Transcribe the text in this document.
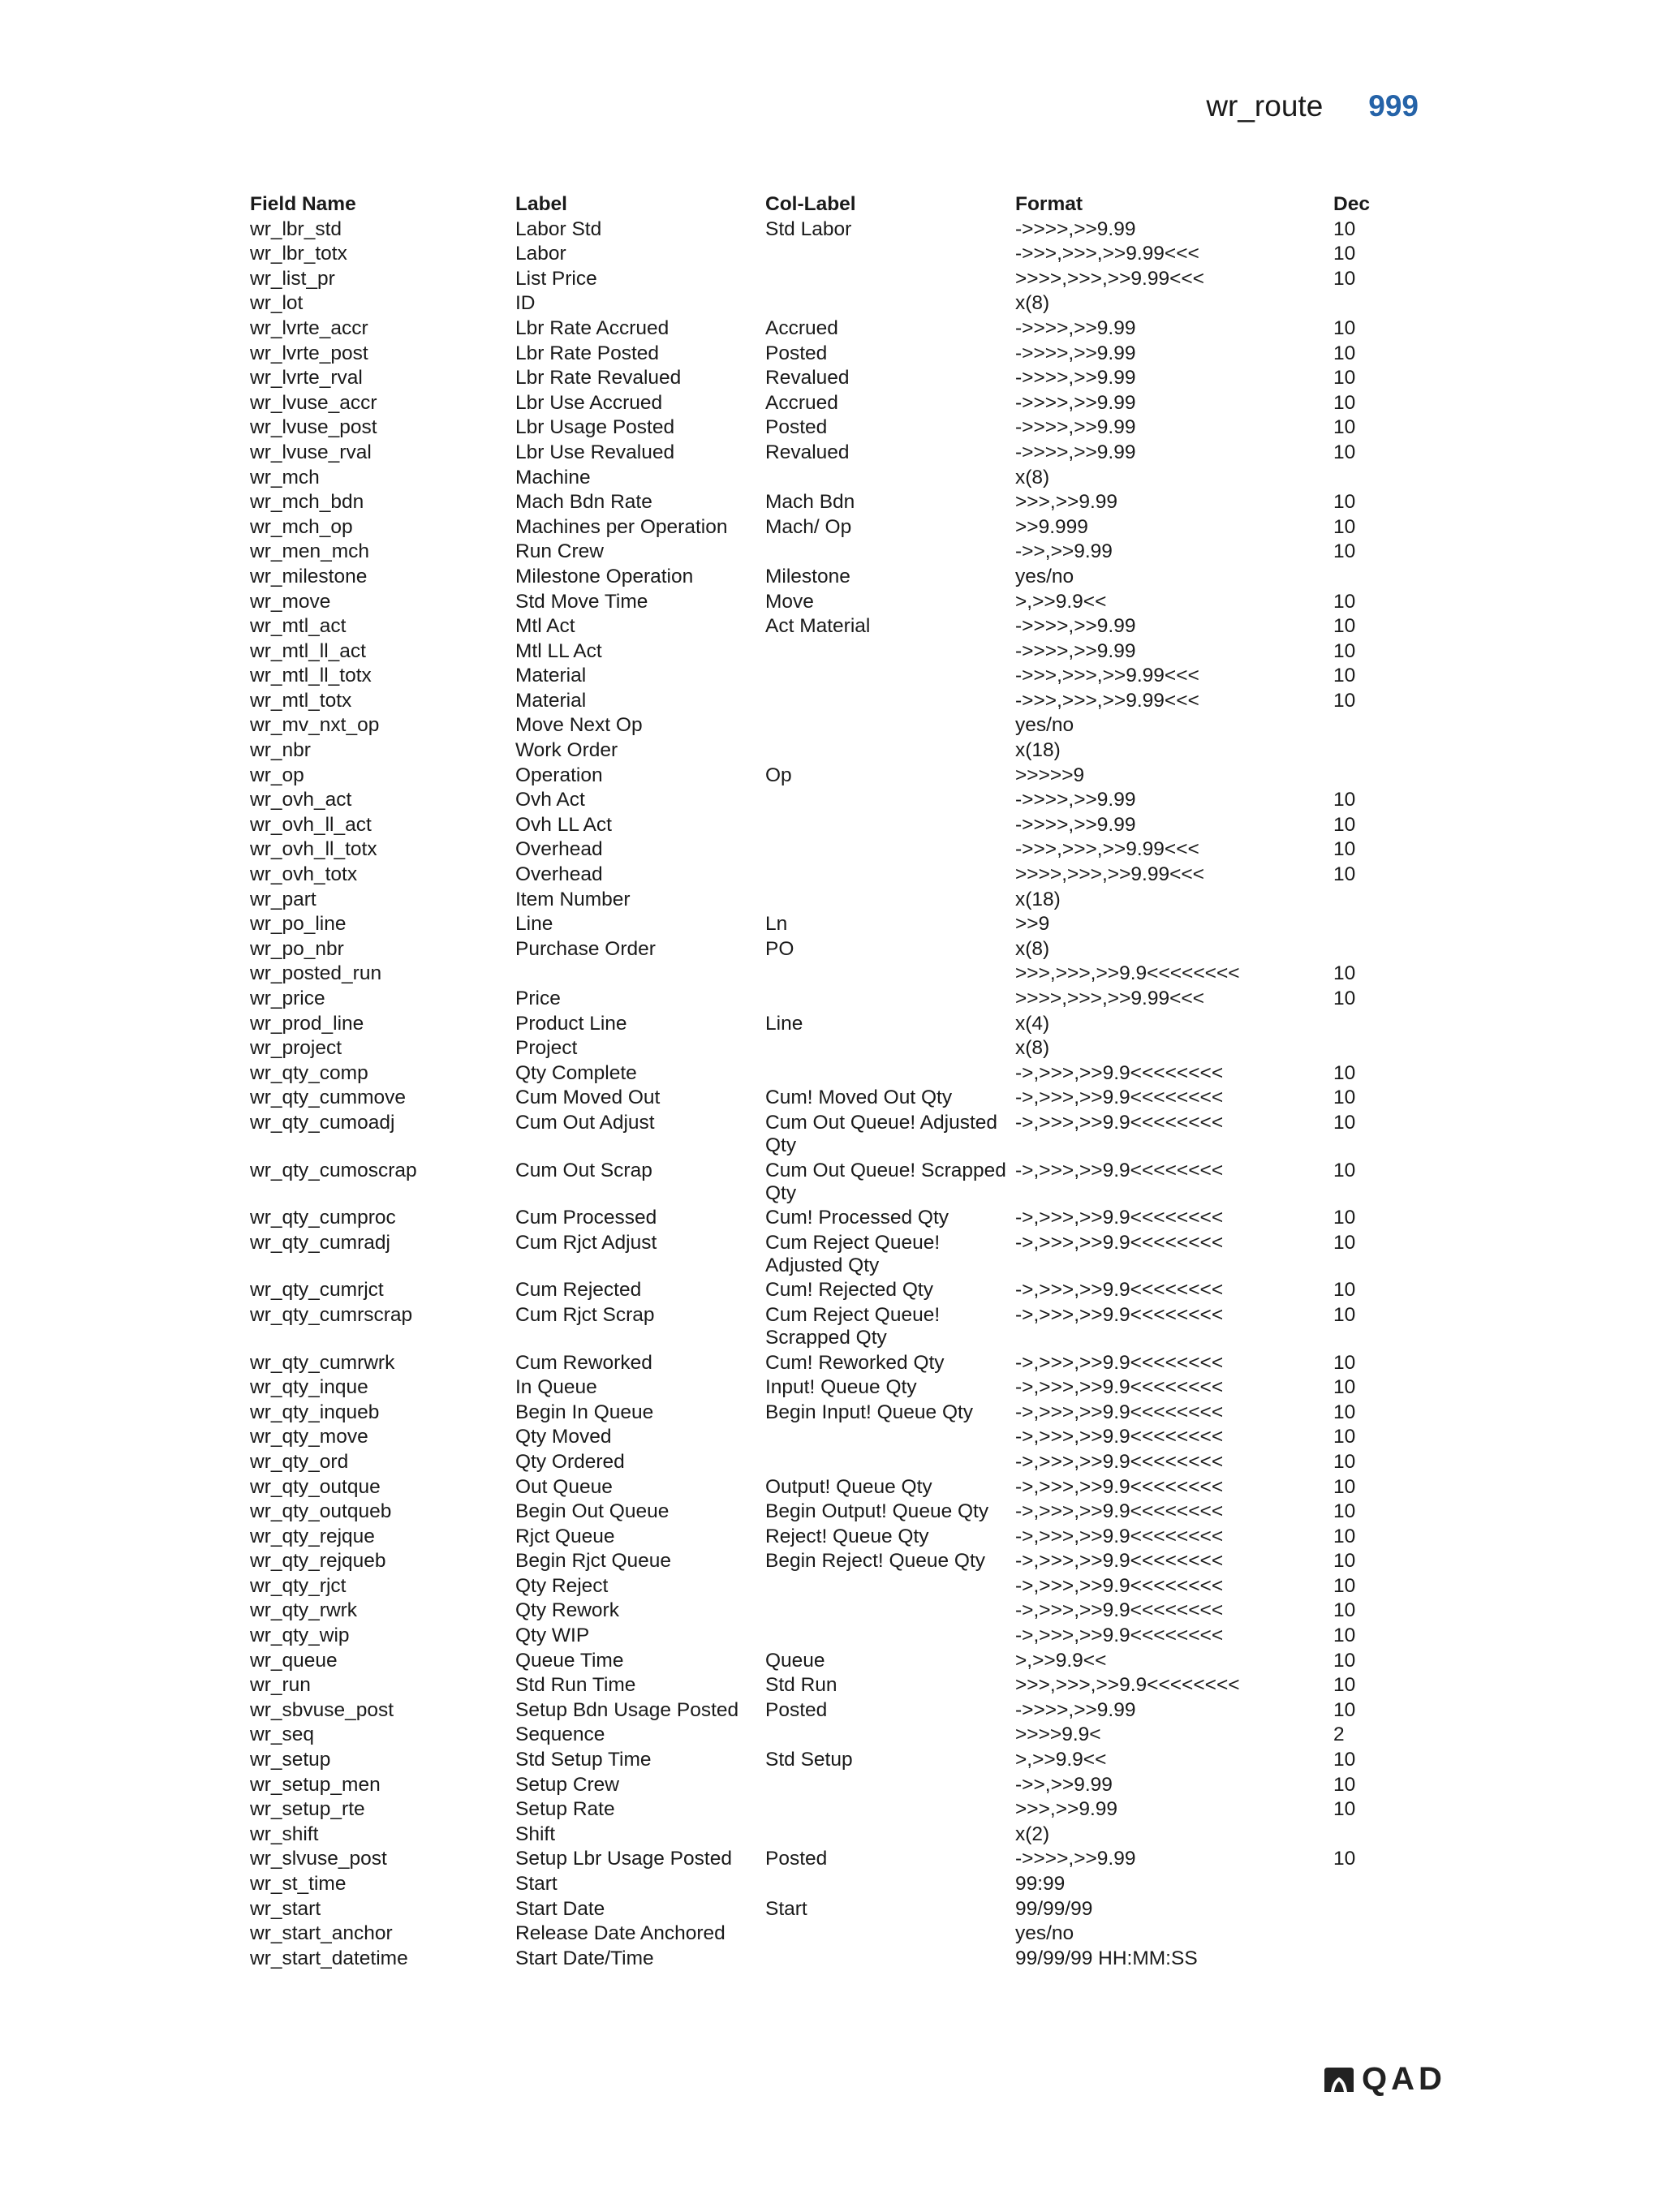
wr_route 999
Field Name	Label	Col-Label	Format	Dec
wr_lbr_std	Labor Std	Std Labor	->>>>,>>9.99	10
wr_lbr_totx	Labor	->>>,>>>,>>9.99<<<	10
wr_list_pr	List Price	>>>>,>>>,>>9.99<<<	10
wr_lot	ID	x(8)
wr_lvrte_accr	Lbr Rate Accrued	Accrued	->>>>,>>9.99	10
wr_lvrte_post	Lbr Rate Posted	Posted	->>>>,>>9.99	10
wr_lvrte_rval	Lbr Rate Revalued	Revalued	->>>>,>>9.99	10
wr_lvuse_accr	Lbr Use Accrued	Accrued	->>>>,>>9.99	10
wr_lvuse_post	Lbr Usage Posted	Posted	->>>>,>>9.99	10
wr_lvuse_rval	Lbr Use Revalued	Revalued	->>>>,>>9.99	10
wr_mch	Machine	x(8)
wr_mch_bdn	Mach Bdn Rate	Mach Bdn	>>>,>>9.99	10
wr_mch_op	Machines per Operation	Mach/ Op	>>9.999	10
wr_men_mch	Run Crew	->>,>>9.99	10
wr_milestone	Milestone Operation	Milestone	yes/no
wr_move	Std Move Time	Move	>,>>9.9<<	10
wr_mtl_act	Mtl Act	Act Material	->>>>,>>9.99	10
wr_mtl_ll_act	Mtl LL Act	->>>>,>>9.99	10
wr_mtl_ll_totx	Material	->>>,>>>,>>9.99<<<	10
wr_mtl_totx	Material	->>>,>>>,>>9.99<<<	10
wr_mv_nxt_op	Move Next Op	yes/no
wr_nbr	Work Order	x(18)
wr_op	Operation	Op	>>>>>9
wr_ovh_act	Ovh Act	->>>>,>>9.99	10
wr_ovh_ll_act	Ovh LL Act	->>>>,>>9.99	10
wr_ovh_ll_totx	Overhead	->>>,>>>,>>9.99<<<	10
wr_ovh_totx	Overhead	>>>>,>>>,>>9.99<<<	10
wr_part	Item Number	x(18)
wr_po_line	Line	Ln	>>9
wr_po_nbr	Purchase Order	PO	x(8)
wr_posted_run	>>>,>>>,>>9.9<<<<<<<<	10
wr_price	Price	>>>>,>>>,>>9.99<<<	10
wr_prod_line	Product Line	Line	x(4)
wr_project	Project	x(8)
wr_qty_comp	Qty Complete	->,>>>,>>9.9<<<<<<<<	10
wr_qty_cummove	Cum Moved Out	Cum! Moved Out Qty	->,>>>,>>9.9<<<<<<<<	10
wr_qty_cumoadj	Cum Out Adjust	Cum Out Queue! Adjusted Qty
->,>>>,>>9.9<<<<<<<<	10
wr_qty_cumoscrap	Cum Out Scrap	Cum Out Queue! Scrapped Qty
->,>>>,>>9.9<<<<<<<<	10
wr_qty_cumproc	Cum Processed	Cum! Processed Qty	->,>>>,>>9.9<<<<<<<<	10
wr_qty_cumradj	Cum Rjct Adjust	Cum Reject Queue! Adjusted Qty
->,>>>,>>9.9<<<<<<<<	10
wr_qty_cumrjct	Cum Rejected	Cum! Rejected Qty	->,>>>,>>9.9<<<<<<<<	10
wr_qty_cumrscrap	Cum Rjct Scrap	Cum Reject Queue! Scrapped Qty
->,>>>,>>9.9<<<<<<<<	10
wr_qty_cumrwrk	Cum Reworked	Cum! Reworked Qty	->,>>>,>>9.9<<<<<<<<	10
wr_qty_inque	In Queue	Input! Queue Qty	->,>>>,>>9.9<<<<<<<<	10
wr_qty_inqueb	Begin In Queue	Begin Input! Queue Qty	->,>>>,>>9.9<<<<<<<<	10
wr_qty_move	Qty Moved	->,>>>,>>9.9<<<<<<<<	10
wr_qty_ord	Qty Ordered	->,>>>,>>9.9<<<<<<<<	10
wr_qty_outque	Out Queue	Output! Queue Qty	->,>>>,>>9.9<<<<<<<<	10
wr_qty_outqueb	Begin Out Queue	Begin Output! Queue Qty	->,>>>,>>9.9<<<<<<<<	10
wr_qty_rejque	Rjct Queue	Reject! Queue Qty	->,>>>,>>9.9<<<<<<<<	10
wr_qty_rejqueb	Begin Rjct Queue	Begin Reject! Queue Qty	->,>>>,>>9.9<<<<<<<<	10
wr_qty_rjct	Qty Reject	->,>>>,>>9.9<<<<<<<<	10
wr_qty_rwrk	Qty Rework	->,>>>,>>9.9<<<<<<<<	10
wr_qty_wip	Qty WIP	->,>>>,>>9.9<<<<<<<<	10
wr_queue	Queue Time	Queue	>,>>9.9<<	10
wr_run	Std Run Time	Std Run	>>>,>>>,>>9.9<<<<<<<<	10
wr_sbvuse_post	Setup Bdn Usage Posted	Posted	->>>>,>>9.99	10
wr_seq	Sequence	>>>>9.9<	2
wr_setup	Std Setup Time	Std Setup	>,>>9.9<<	10
wr_setup_men	Setup Crew	->>,>>9.99	10
wr_setup_rte	Setup Rate	>>>,>>9.99	10
wr_shift	Shift	x(2)
wr_slvuse_post	Setup Lbr Usage Posted	Posted	->>>>,>>9.99	10
wr_st_time	Start	99:99
wr_start	Start Date	Start	99/99/99
wr_start_anchor	Release Date Anchored	yes/no
wr_start_datetime	Start Date/Time	99/99/99 HH:MM:SS
QAD
